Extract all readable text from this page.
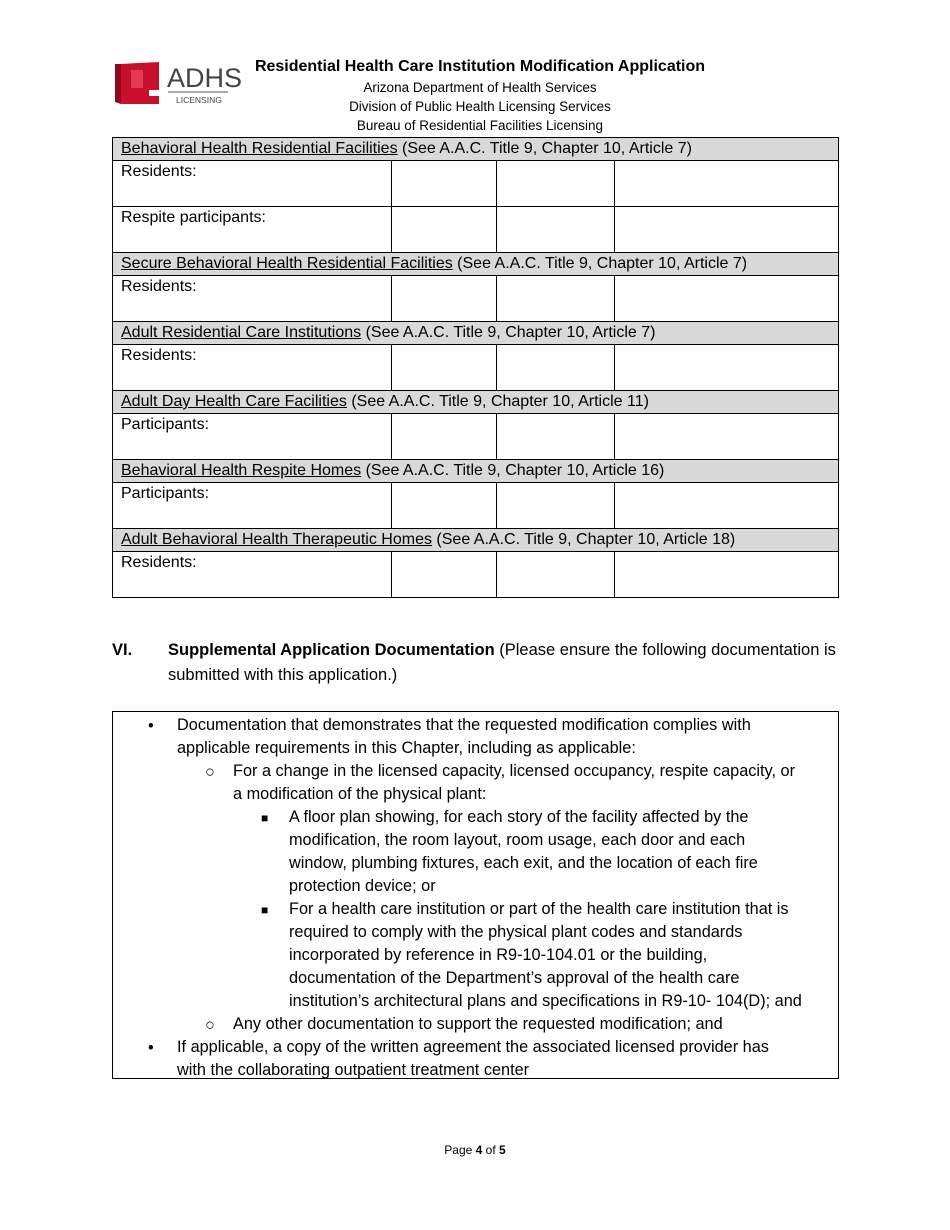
ADHS
LICENSING
Residential Health Care Institution Modification Application
Arizona Department of Health Services
Division of Public Health Licensing Services
Bureau of Residential Facilities Licensing
Behavioral Health Residential Facilities (See A.A.C. Title 9, Chapter 10, Article 7)			
Residents:			
Respite participants:			
Secure Behavioral Health Residential Facilities (See A.A.C. Title 9, Chapter 10, Article 7)			
Residents:			
Adult Residential Care Institutions (See A.A.C. Title 9, Chapter 10, Article 7)			
Residents:			
Adult Day Health Care Facilities (See A.A.C. Title 9, Chapter 10, Article 11)			
Participants:			
Behavioral Health Respite Homes (See A.A.C. Title 9, Chapter 10, Article 16)			
Participants:			
Adult Behavioral Health Therapeutic Homes (See A.A.C. Title 9, Chapter 10, Article 18)			
Residents:			
VI. Supplemental Application Documentation (Please ensure the following documentation is submitted with this application.)
• Documentation that demonstrates that the requested modification complies with
applicable requirements in this Chapter, including as applicable:
○ For a change in the licensed capacity, licensed occupancy, respite capacity, or
a modification of the physical plant:
■ A floor plan showing, for each story of the facility affected by the
modification, the room layout, room usage, each door and each
window, plumbing fixtures, each exit, and the location of each fire
protection device; or
■ For a health care institution or part of the health care institution that is
required to comply with the physical plant codes and standards
incorporated by reference in R9-10-104.01 or the building,
documentation of the Department’s approval of the health care
institution’s architectural plans and specifications in R9-10- 104(D); and
○ Any other documentation to support the requested modification; and
• If applicable, a copy of the written agreement the associated licensed provider has
with the collaborating outpatient treatment center
Page 4 of 5
